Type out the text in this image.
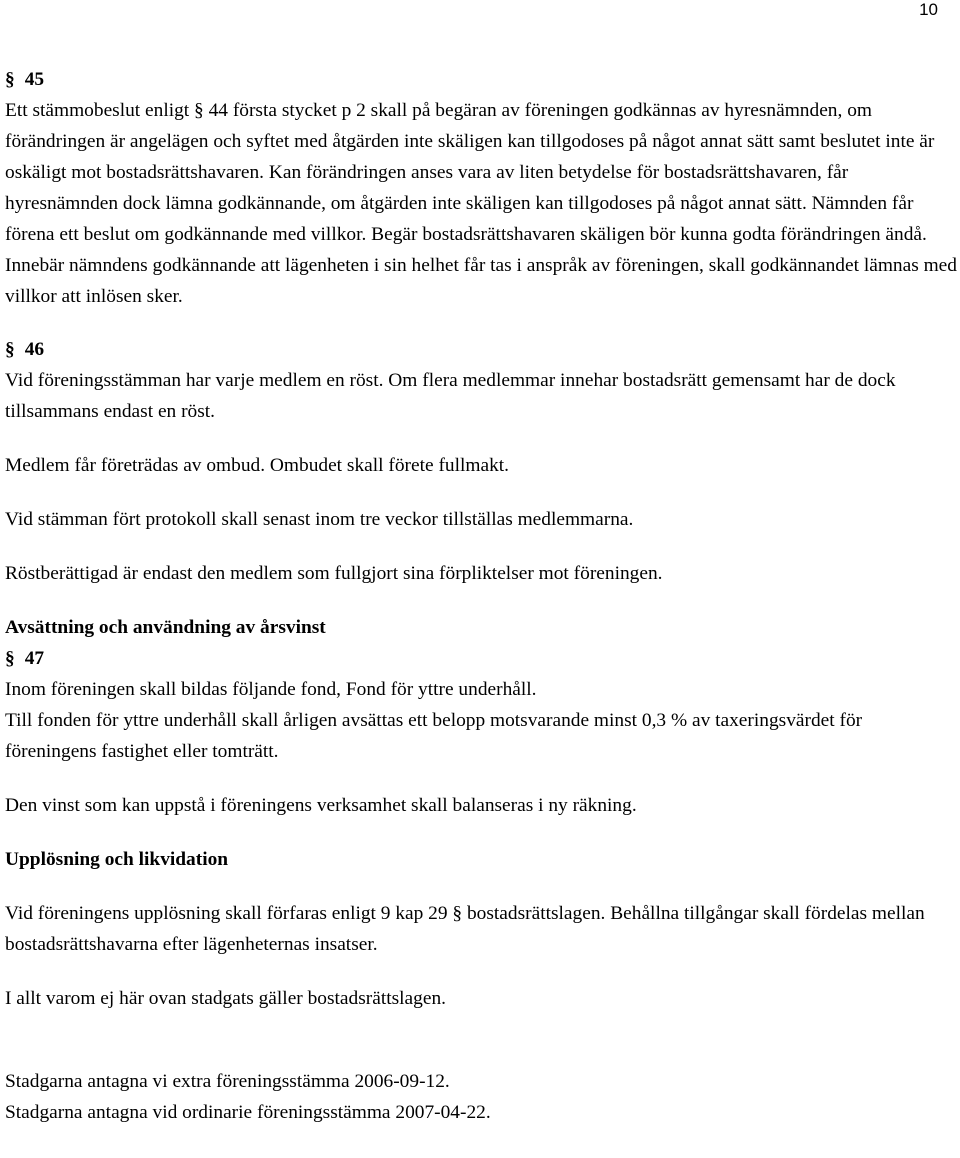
10

§ 45

Ett stämmobeslut enligt § 44 första stycket p 2 skall på begäran av föreningen godkännas av hyresnämnden, om förändringen är angelägen och syftet med åtgärden inte skäligen kan tillgodoses på något annat sätt samt beslutet inte är oskäligt mot bostadsrättshavaren. Kan förändringen anses vara av liten betydelse för bostadsrättshavaren, får hyresnämnden dock lämna godkännande, om åtgärden inte skäligen kan tillgodoses på något annat sätt. Nämnden får förena ett beslut om godkännande med villkor. Begär bostadsrättshavaren skäligen bör kunna godta förändringen ändå. Innebär nämndens godkännande att lägenheten i sin helhet får tas i anspråk av föreningen, skall godkännandet lämnas med villkor att inlösen sker.

§ 46

Vid föreningsstämman har varje medlem en röst. Om flera medlemmar innehar bostadsrätt gemensamt har de dock tillsammans endast en röst.

Medlem får företrädas av ombud. Ombudet skall förete fullmakt.

Vid stämman fört protokoll skall senast inom tre veckor tillställas medlemmarna.

Röstberättigad är endast den medlem som fullgjort sina förpliktelser mot föreningen.

Avsättning och användning av årsvinst

§ 47

Inom föreningen skall bildas följande fond, Fond för yttre underhåll.

Till fonden för yttre underhåll skall årligen avsättas ett belopp motsvarande minst 0,3 % av taxeringsvärdet för föreningens fastighet eller tomträtt.

Den vinst som kan uppstå i föreningens verksamhet skall balanseras i ny räkning.

Upplösning och likvidation

Vid föreningens upplösning skall förfaras enligt 9 kap 29 § bostadsrättslagen. Behållna tillgångar skall fördelas mellan bostadsrättshavarna efter lägenheternas insatser.

I allt varom ej här ovan stadgats gäller bostadsrättslagen.

Stadgarna antagna vi extra föreningsstämma 2006-09-12.

Stadgarna antagna vid ordinarie föreningsstämma 2007-04-22.
